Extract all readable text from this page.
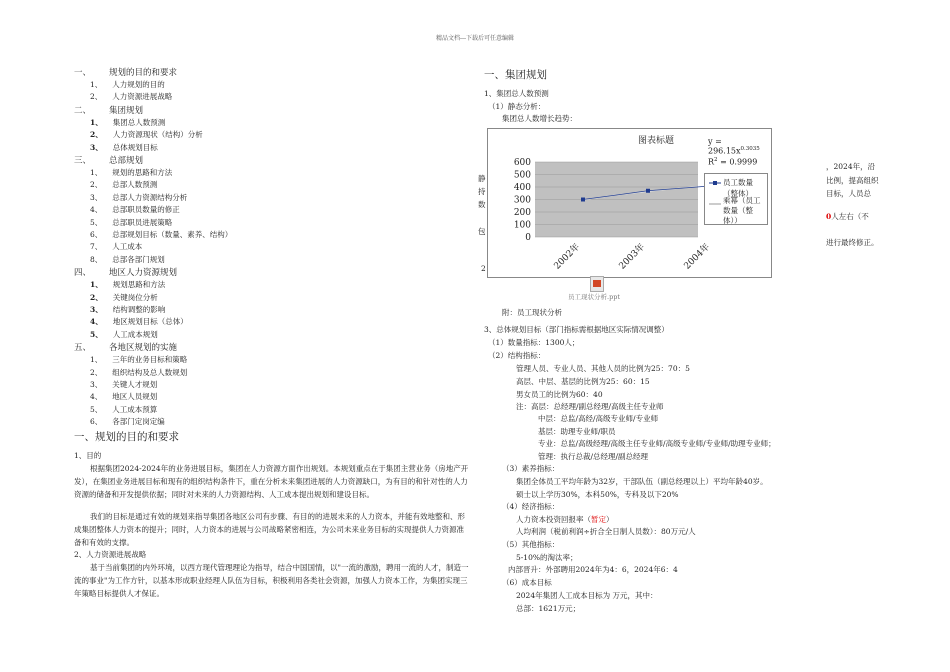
精品文档---下载后可任意编辑
一、 规划的目的和要求
1、 人力规划的目的
2、 人力资源进展战略
二、 集团规划
1、 集团总人数预测
2、 人力资源现状（结构）分析
3、 总体规划目标
三、 总部规划
1、 规划的思路和方法
2、 总部人数预测
3、 总部人力资源结构分析
4、 总部职员数量的修正
5、 总部职员进展策略
6、 总部规划目标（数量、素养、结构）
7、 人工成本
8、 总部各部门规划
四、 地区人力资源规划
1、 规划思路和方法
2、 关键岗位分析
3、 结构调整的影响
4、 地区规划目标（总体）
5、 人工成本规划
五、 各地区规划的实施
1、 三年的业务目标和策略
2、 组织结构及总人数规划
3、 关键人才规划
4、 地区人员规划
5、 人工成本预算
6、 各部门定岗定编
一、规划的目的和要求
1、目的
根据集团2024-2024年的业务进展目标，集团在人力资源方面作出规划。本规划重点在于集团主营业务（房地产开发），在集团业务进展目标和现有的组织结构条件下，重在分析未来集团进展的人力资源缺口，为有目的和针对性的人力资源的储备和开发提供依据；同时对未来的人力资源结构、人工成本提出规划和建设目标。
我们的目标是通过有效的规划来指导集团各地区公司有步骤、有目的的进展未来的人力资本，并能有效地整和、形成集团整体人力资本的提升；同时，人力资本的进展与公司战略紧密相连，为公司未来业务目标的实现提供人力资源准备和有效的支撑。
2、人力资源进展战略
基于当前集团的内外环境，以西方现代管理理论为指导，结合中国国情，以"一流的激励，聘用一流的人才，制造一流的事业"为工作方针，以基本形成职业经理人队伍为目标，积极利用各类社会资源，加强人力资本工作，为集团实现三年策略目标提供人才保证。
一、集团规划
1、集团总人数预测
（1）静态分析：
集团总人数增长趋势：
静
持
数
包
2
，2024年，沿
比例，提高组织
目标，人员总
0人左右（不
进行最终修正。
图表标题	$y = 296.15x^{0.3035}$
$R^2 = 0.9999$
600
500
400
300
200
100
0
2002年	2003年	2004年
员工数量（整体）
乘幂（员工数量（整体））
员工现状分析.ppt
附：员工现状分析
3、总体规划目标（部门指标需根据地区实际情况调整）
（1）数量指标：1300人；
（2）结构指标：
管理人员、专业人员、其他人员的比例为25：70：5
高层、中层、基层的比例为25：60：15
男女员工的比例为60：40
注：高层：总经理/副总经理/高级主任专业师
中层：总监/高经/高级专业师/专业师
基层：助理专业师/职员
专业：总监/高级经理/高级主任专业师/高级专业师/专业师/助理专业师；
管理：执行总裁/总经理/副总经理
（3）素养指标：
集团全体员工平均年龄为32岁，干部队伍（副总经理以上）平均年龄40岁。
硕士以上学历30%，本科50%，专科及以下20%
（4）经济指标：
人力资本投资回报率（暂定）
人均利润（税前利润÷折合全日制人员数）：80万元/人
（5）其他指标：
5-10%的淘汰率；
内部晋升：外部聘用2024年为4：6，2024年6：4
（6）成本目标
2024年集团人工成本目标为 万元，其中：
总部：1621万元；
